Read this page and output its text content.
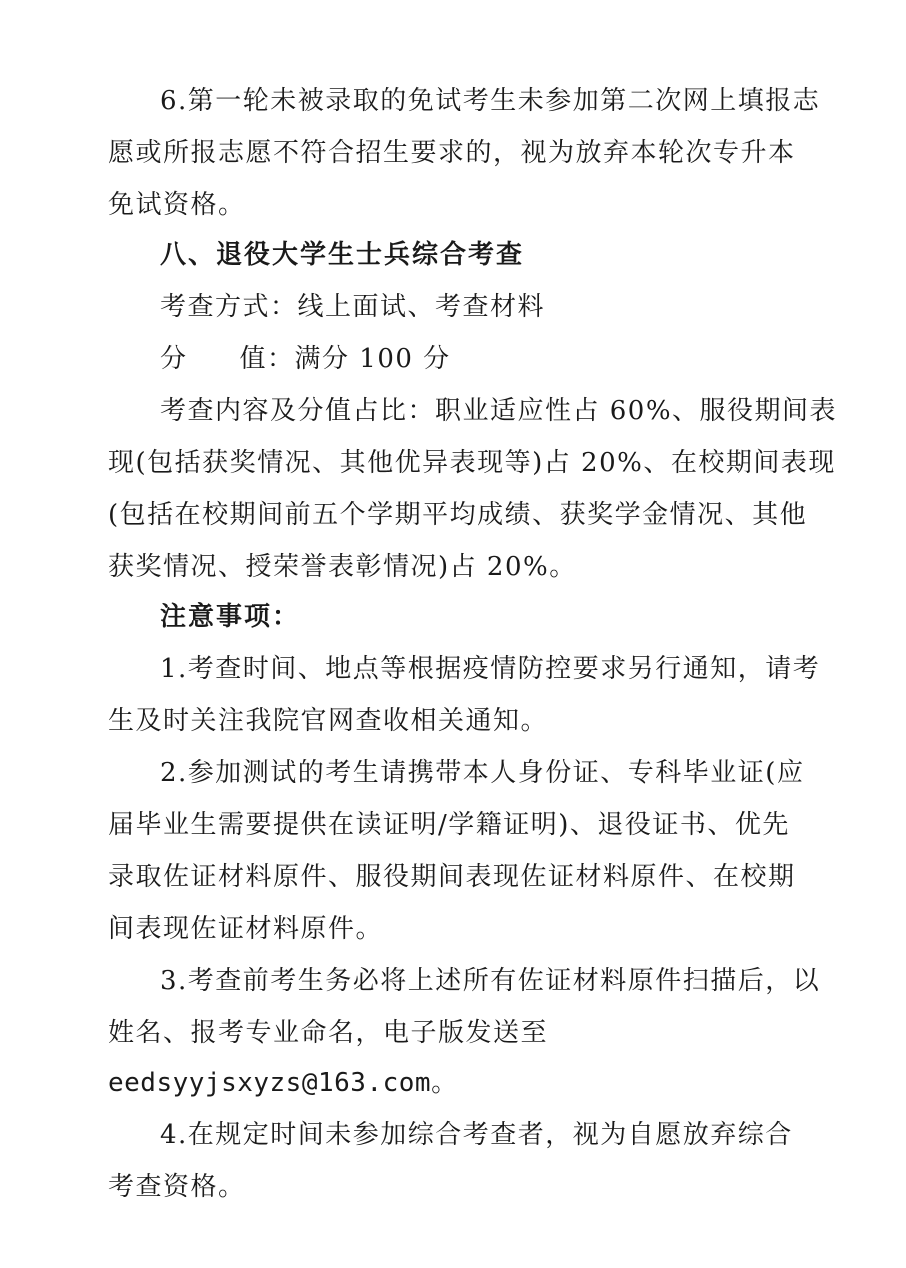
6.第一轮未被录取的免试考生未参加第二次网上填报志
愿或所报志愿不符合招生要求的，视为放弃本轮次专升本
免试资格。
八、退役大学生士兵综合考查
考查方式：线上面试、考查材料
分 值：满分 100 分
考查内容及分值占比：职业适应性占 60%、服役期间表
现(包括获奖情况、其他优异表现等)占 20%、在校期间表现
(包括在校期间前五个学期平均成绩、获奖学金情况、其他
获奖情况、授荣誉表彰情况)占 20%。
注意事项：
1.考查时间、地点等根据疫情防控要求另行通知，请考
生及时关注我院官网查收相关通知。
2.参加测试的考生请携带本人身份证、专科毕业证(应
届毕业生需要提供在读证明/学籍证明)、退役证书、优先
录取佐证材料原件、服役期间表现佐证材料原件、在校期
间表现佐证材料原件。
3.考查前考生务必将上述所有佐证材料原件扫描后，以
姓名、报考专业命名，电子版发送至
eedsyyjsxyzs@163.com。
4.在规定时间未参加综合考查者，视为自愿放弃综合
考查资格。
